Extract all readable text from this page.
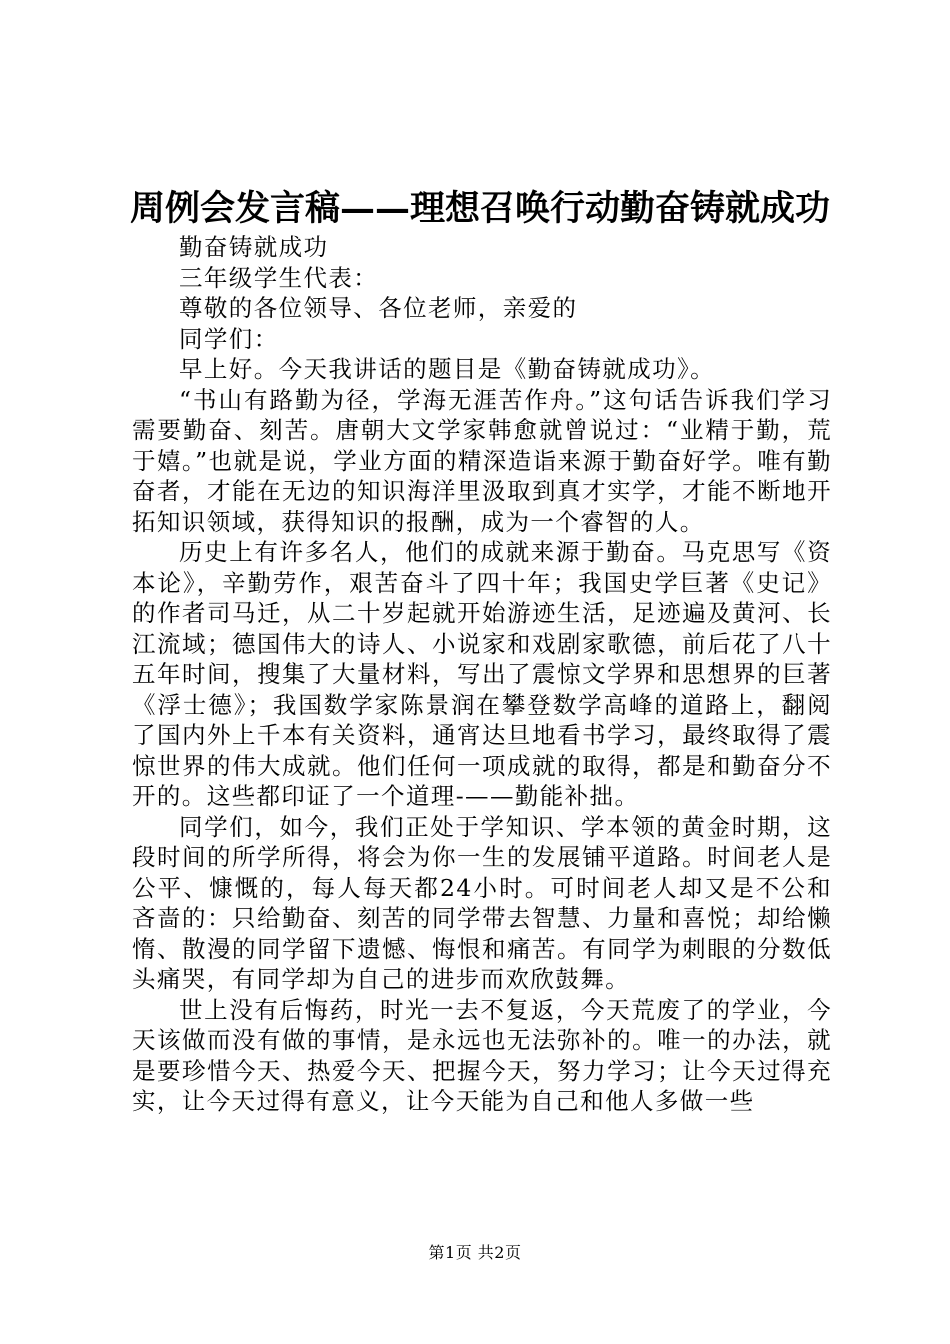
周例会发言稿——理想召唤行动勤奋铸就成功

勤奋铸就成功

三年级学生代表：

尊敬的各位领导、各位老师，亲爱的

同学们：

早上好。今天我讲话的题目是《勤奋铸就成功》。

“书山有路勤为径，学海无涯苦作舟。”这句话告诉我们学习需要勤奋、刻苦。唐朝大文学家韩愈就曾说过：“业精于勤，荒于嬉。”也就是说，学业方面的精深造诣来源于勤奋好学。唯有勤奋者，才能在无边的知识海洋里汲取到真才实学，才能不断地开拓知识领域，获得知识的报酬，成为一个睿智的人。

历史上有许多名人，他们的成就来源于勤奋。马克思写《资本论》，辛勤劳作，艰苦奋斗了四十年；我国史学巨著《史记》的作者司马迁，从二十岁起就开始游迹生活，足迹遍及黄河、长江流域；德国伟大的诗人、小说家和戏剧家歌德，前后花了八十五年时间，搜集了大量材料，写出了震惊文学界和思想界的巨著《浮士德》；我国数学家陈景润在攀登数学高峰的道路上，翻阅了国内外上千本有关资料，通宵达旦地看书学习，最终取得了震惊世界的伟大成就。他们任何一项成就的取得，都是和勤奋分不开的。这些都印证了一个道理-——勤能补拙。

同学们，如今，我们正处于学知识、学本领的黄金时期，这段时间的所学所得，将会为你一生的发展铺平道路。时间老人是公平、慷慨的，每人每天都24小时。可时间老人却又是不公和吝啬的：只给勤奋、刻苦的同学带去智慧、力量和喜悦；却给懒惰、散漫的同学留下遗憾、悔恨和痛苦。有同学为刺眼的分数低头痛哭，有同学却为自己的进步而欢欣鼓舞。

世上没有后悔药，时光一去不复返，今天荒废了的学业，今天该做而没有做的事情，是永远也无法弥补的。唯一的办法，就是要珍惜今天、热爱今天、把握今天，努力学习；让今天过得充实，让今天过得有意义，让今天能为自己和他人多做一些

第1页 共2页
